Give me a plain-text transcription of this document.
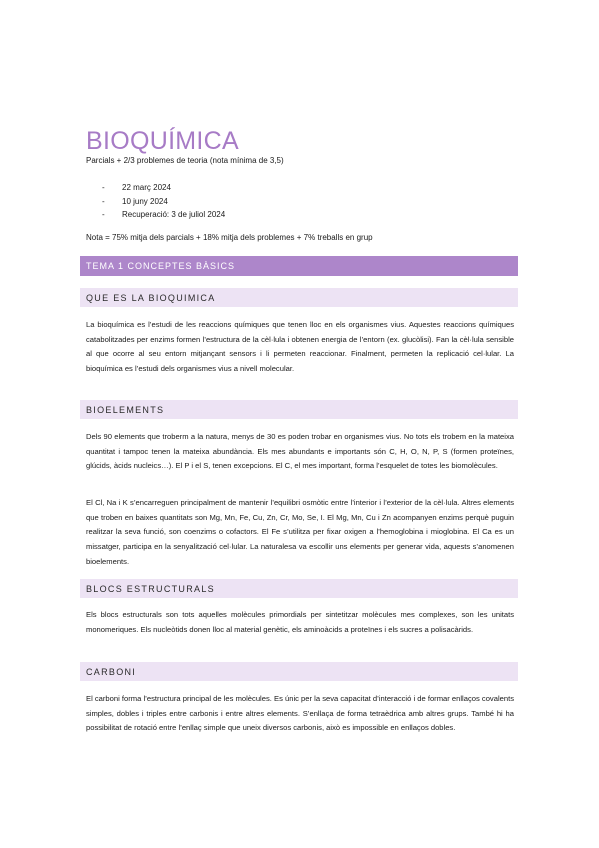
BIOQUÍMICA
Parcials + 2/3 problemes de teoria (nota mínima de 3,5)
-	22 març 2024
-	10 juny 2024
-	Recuperació: 3 de juliol 2024
Nota = 75% mitja dels parcials + 18% mitja dels problemes + 7% treballs en grup
TEMA 1 CONCEPTES BÀSICS
QUE ES LA BIOQUIMICA
La bioquímica es l’estudi de les reaccions químiques que tenen lloc en els organismes vius. Aquestes reaccions químiques catabolitzades per enzims formen l’estructura de la cèl·lula i obtenen energia de l’entorn (ex. glucòlisi). Fan la cèl·lula sensible al que ocorre al seu entorn mitjançant sensors i li permeten reaccionar. Finalment, permeten la replicació cel·lular. La bioquímica es l’estudi dels organismes vius a nivell molecular.
BIOELEMENTS
Dels 90 elements que troberm a la natura, menys de 30 es poden trobar en organismes vius. No tots els trobem en la mateixa quantitat i tampoc tenen la mateixa abundància. Els mes abundants e importants són C, H, O, N, P, S (formen proteïnes, glúcids, àcids nucleics…). El P i el S, tenen excepcions. El C, el mes important, forma l’esquelet de totes les biomolècules.
El Cl, Na i K s’encarreguen principalment de mantenir l’equilibri osmòtic entre l’interior i l’exterior de la cèl·lula. Altres elements que troben en baixes quantitats son Mg, Mn, Fe, Cu, Zn, Cr, Mo, Se, I. El Mg, Mn, Cu i Zn acompanyen enzims perquè puguin realitzar la seva funció, son coenzims o cofactors. El Fe s’utilitza per fixar oxigen a l’hemoglobina i mioglobina. El Ca es un missatger, participa en la senyalització cel·lular. La naturalesa va escollir uns elements per generar vida, aquests s’anomenen bioelements.
BLOCS ESTRUCTURALS
Els blocs estructurals son tots aquelles molècules primordials per sintetitzar molècules mes complexes, son les unitats monomeriques. Els nucleòtids donen lloc al material genètic, els aminoàcids a proteïnes i els sucres a polisacàrids.
CARBONI
El carboni forma l’estructura principal de les molècules. Es únic per la seva capacitat d’interacció i de formar enllaços covalents simples, dobles i triples entre carbonis i entre altres elements. S’enllaça de forma tetraèdrica amb altres grups. També hi ha possibilitat de rotació entre l’enllaç simple que uneix diversos carbonis, això es impossible en enllaços dobles.
